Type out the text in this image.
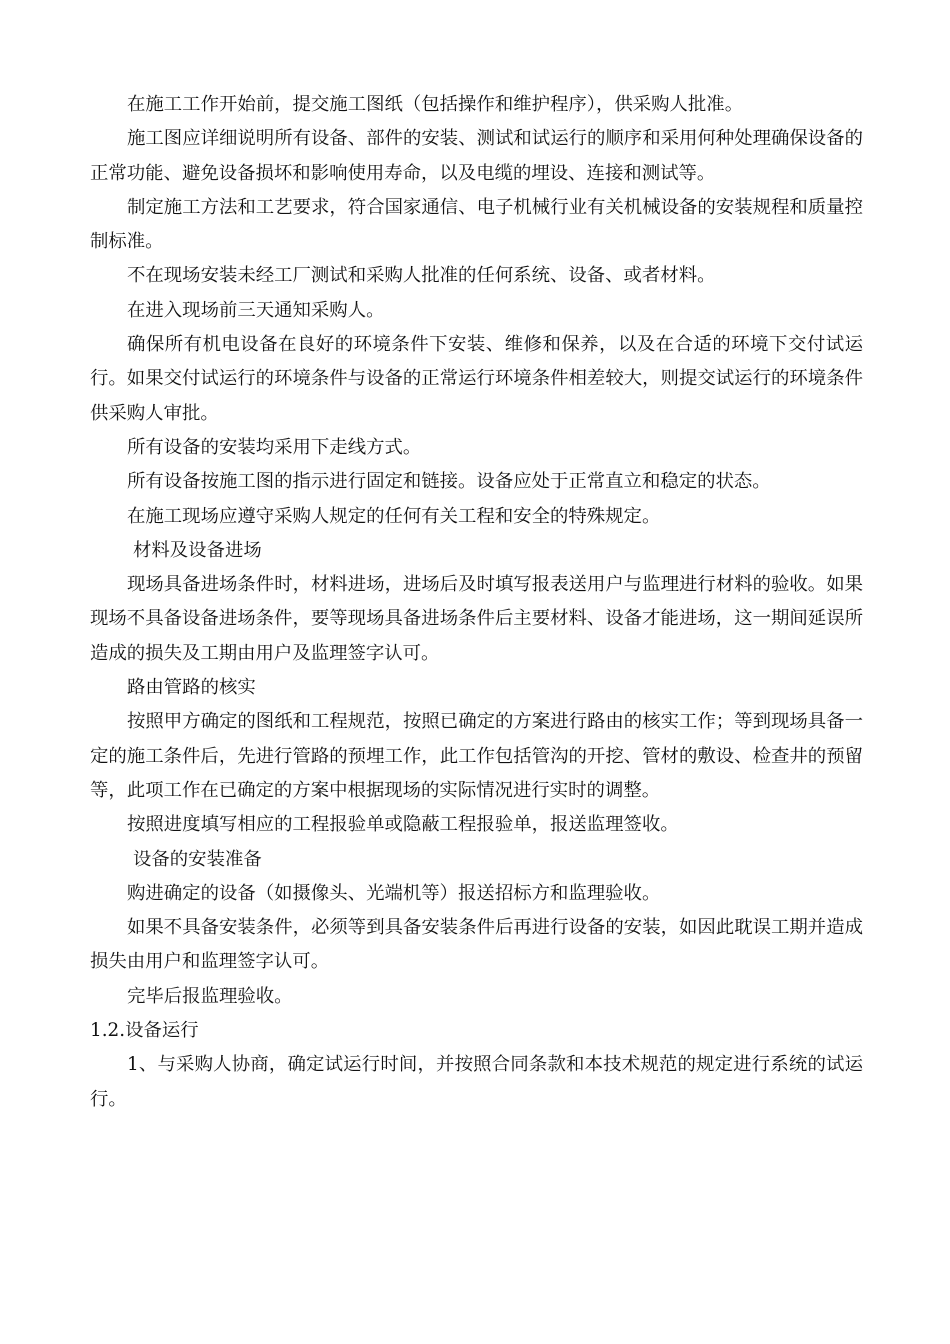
在施工工作开始前，提交施工图纸（包括操作和维护程序），供采购人批准。

施工图应详细说明所有设备、部件的安装、测试和试运行的顺序和采用何种处理确保设备的正常功能、避免设备损坏和影响使用寿命，以及电缆的埋设、连接和测试等。

制定施工方法和工艺要求，符合国家通信、电子机械行业有关机械设备的安装规程和质量控制标准。

不在现场安装未经工厂测试和采购人批准的任何系统、设备、或者材料。

在进入现场前三天通知采购人。

确保所有机电设备在良好的环境条件下安装、维修和保养，以及在合适的环境下交付试运行。如果交付试运行的环境条件与设备的正常运行环境条件相差较大，则提交试运行的环境条件供采购人审批。

所有设备的安装均采用下走线方式。

所有设备按施工图的指示进行固定和链接。设备应处于正常直立和稳定的状态。

在施工现场应遵守采购人规定的任何有关工程和安全的特殊规定。

材料及设备进场

现场具备进场条件时，材料进场，进场后及时填写报表送用户与监理进行材料的验收。如果现场不具备设备进场条件，要等现场具备进场条件后主要材料、设备才能进场，这一期间延误所造成的损失及工期由用户及监理签字认可。

路由管路的核实

按照甲方确定的图纸和工程规范，按照已确定的方案进行路由的核实工作；等到现场具备一定的施工条件后，先进行管路的预埋工作，此工作包括管沟的开挖、管材的敷设、检查井的预留等，此项工作在已确定的方案中根据现场的实际情况进行实时的调整。

按照进度填写相应的工程报验单或隐蔽工程报验单，报送监理签收。

设备的安装准备

购进确定的设备（如摄像头、光端机等）报送招标方和监理验收。

如果不具备安装条件，必须等到具备安装条件后再进行设备的安装，如因此耽误工期并造成损失由用户和监理签字认可。

完毕后报监理验收。

1.2.设备运行

1、与采购人协商，确定试运行时间，并按照合同条款和本技术规范的规定进行系统的试运行。
